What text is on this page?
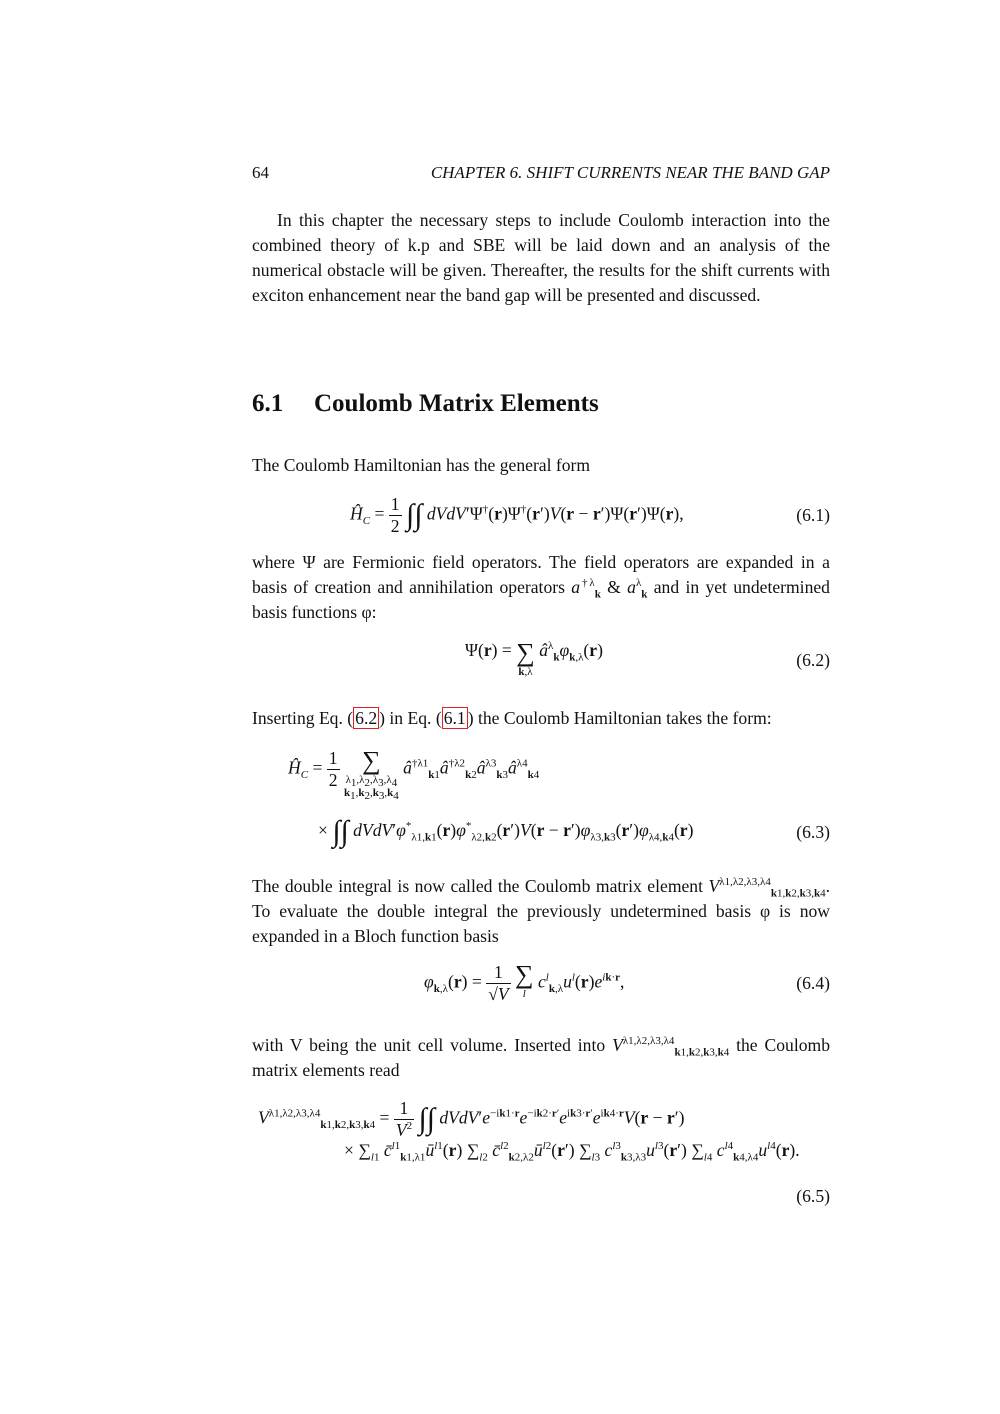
64	CHAPTER 6. SHIFT CURRENTS NEAR THE BAND GAP
In this chapter the necessary steps to include Coulomb interaction into the combined theory of k.p and SBE will be laid down and an analysis of the numerical obstacle will be given. Thereafter, the results for the shift currents with exciton enhancement near the band gap will be presented and discussed.
6.1 Coulomb Matrix Elements
The Coulomb Hamiltonian has the general form
$Ĥ_C = \frac{1}{2}$ ∫∫ dVdV′Ψ†(r)Ψ†(r′)V(r − r′)Ψ(r′)Ψ(r),	(6.1)
where Ψ are Fermionic field operators. The field operators are expanded in a basis of creation and annihilation operators $a^{\dagger\lambda}_k$ & $a^\lambda_k$ and in yet undetermined basis functions φ:
Ψ(r) = ∑
k,λ
$â^\lambda_k\varphi_{k,\lambda}(r)$	(6.2)
Inserting Eq. ( 6.2 ) in Eq. ( 6.1 ) the Coulomb Hamiltonian takes the form:
$Ĥ_C = \frac{1}{2}$
∑
$\lambda_1,\lambda_2,\lambda_3,\lambda_4$
$k_1,k_2,k_3,k_4$
$â^{\dagger\lambda 1}_{k1}â^{\dagger\lambda 2}_{k2}â^{\lambda 3}_{k3}â^{\lambda 4}_{k4}$
× ∫∫ $dVdV'\varphi^*_{\lambda 1,k1}(r)\varphi^*_{\lambda 2,k2}(r')V(r - r')\varphi_{\lambda 3,k3}(r')\varphi_{\lambda 4,k4}(r)$	(6.3)
The double integral is now called the Coulomb matrix element $V^{\lambda 1,\lambda 2,\lambda 3,\lambda 4}_{k1,k2,k3,k4}$. To evaluate the double integral the previously undetermined basis φ is now expanded in a Bloch function basis
$\varphi_{k,\lambda}(r) = \frac{1}{√V}$
∑
l
$c^l_{k,\lambda}u^l(r)e^{ik\cdot r}$,	(6.4)
with V being the unit cell volume. Inserted into $V^{\lambda 1,\lambda 2,\lambda 3,\lambda 4}_{k1,k2,k3,k4}$ the Coulomb matrix elements read
$V^{\lambda 1,\lambda 2,\lambda 3,\lambda 4}_{k1,k2,k3,k4} = \frac{1}{V^2}$ ∫∫ $dVdV'e^{-ik1\cdot r}e^{-ik2\cdot r'}e^{ik3\cdot r'}e^{ik4\cdot r}V(r - r')$
× $\sum_{l1}$ $c̄^{l1}_{k1,\lambda 1}ū^{l1}(r)$ $\sum_{l2}$ $c̄^{l2}_{k2,\lambda 2}ū^{l2}(r')$ $\sum_{l3}$ $c^{l3}_{k3,\lambda 3}u^{l3}(r')$ $\sum_{l4}$ $c^{l4}_{k4,\lambda 4}u^{l4}(r)$.
(6.5)
